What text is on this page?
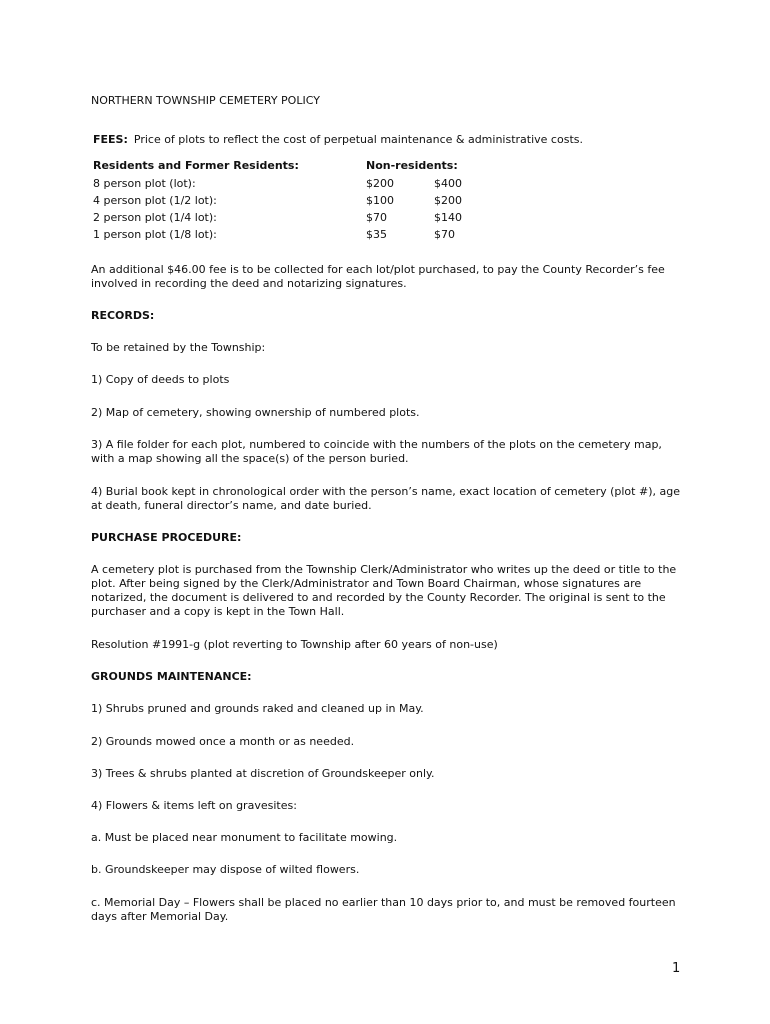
NORTHERN TOWNSHIP CEMETERY POLICY
FEES: Price of plots to reflect the cost of perpetual maintenance & administrative costs.
Residents and Former Residents:	Non-residents:
8 person plot (lot):	$200	$400
4 person plot (1/2 lot):	$100	$200
2 person plot (1/4 lot):	$70	$140
1 person plot (1/8 lot):	$35	$70
An additional $46.00 fee is to be collected for each lot/plot purchased, to pay the County Recorder’s fee involved in recording the deed and notarizing signatures.
RECORDS:
To be retained by the Township:
1) Copy of deeds to plots
2) Map of cemetery, showing ownership of numbered plots.
3) A file folder for each plot, numbered to coincide with the numbers of the plots on the cemetery map, with a map showing all the space(s) of the person buried.
4) Burial book kept in chronological order with the person’s name, exact location of cemetery (plot #), age at death, funeral director’s name, and date buried.
PURCHASE PROCEDURE:
A cemetery plot is purchased from the Township Clerk/Administrator who writes up the deed or title to the plot. After being signed by the Clerk/Administrator and Town Board Chairman, whose signatures are notarized, the document is delivered to and recorded by the County Recorder. The original is sent to the purchaser and a copy is kept in the Town Hall.
Resolution #1991-g (plot reverting to Township after 60 years of non-use)
GROUNDS MAINTENANCE:
1) Shrubs pruned and grounds raked and cleaned up in May.
2) Grounds mowed once a month or as needed.
3) Trees & shrubs planted at discretion of Groundskeeper only.
4) Flowers & items left on gravesites:
a. Must be placed near monument to facilitate mowing.
b. Groundskeeper may dispose of wilted flowers.
c. Memorial Day – Flowers shall be placed no earlier than 10 days prior to, and must be removed fourteen days after Memorial Day.
1
